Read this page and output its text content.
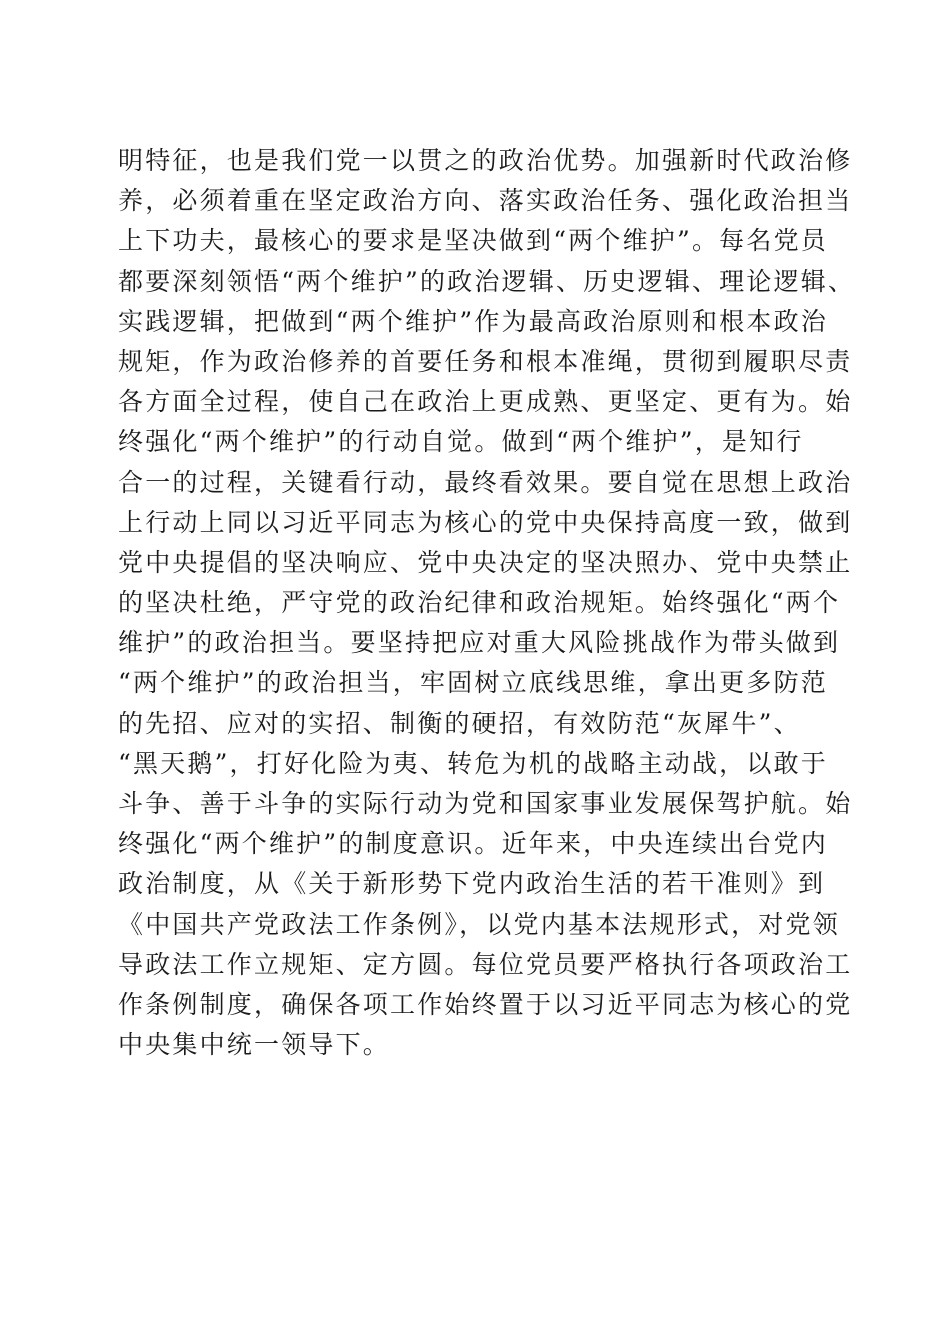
明特征，也是我们党一以贯之的政治优势。加强新时代政治修
养，必须着重在坚定政治方向、落实政治任务、强化政治担当
上下功夫，最核心的要求是坚决做到“两个维护”。每名党员
都要深刻领悟“两个维护”的政治逻辑、历史逻辑、理论逻辑、
实践逻辑，把做到“两个维护”作为最高政治原则和根本政治
规矩，作为政治修养的首要任务和根本准绳，贯彻到履职尽责
各方面全过程，使自己在政治上更成熟、更坚定、更有为。始
终强化“两个维护”的行动自觉。做到“两个维护”，是知行
合一的过程，关键看行动，最终看效果。要自觉在思想上政治
上行动上同以习近平同志为核心的党中央保持高度一致，做到
党中央提倡的坚决响应、党中央决定的坚决照办、党中央禁止
的坚决杜绝，严守党的政治纪律和政治规矩。始终强化“两个
维护”的政治担当。要坚持把应对重大风险挑战作为带头做到
“两个维护”的政治担当，牢固树立底线思维，拿出更多防范
的先招、应对的实招、制衡的硬招，有效防范“灰犀牛”、
“黑天鹅”，打好化险为夷、转危为机的战略主动战，以敢于
斗争、善于斗争的实际行动为党和国家事业发展保驾护航。始
终强化“两个维护”的制度意识。近年来，中央连续出台党内
政治制度，从《关于新形势下党内政治生活的若干准则》到
《中国共产党政法工作条例》，以党内基本法规形式，对党领
导政法工作立规矩、定方圆。每位党员要严格执行各项政治工
作条例制度，确保各项工作始终置于以习近平同志为核心的党
中央集中统一领导下。
